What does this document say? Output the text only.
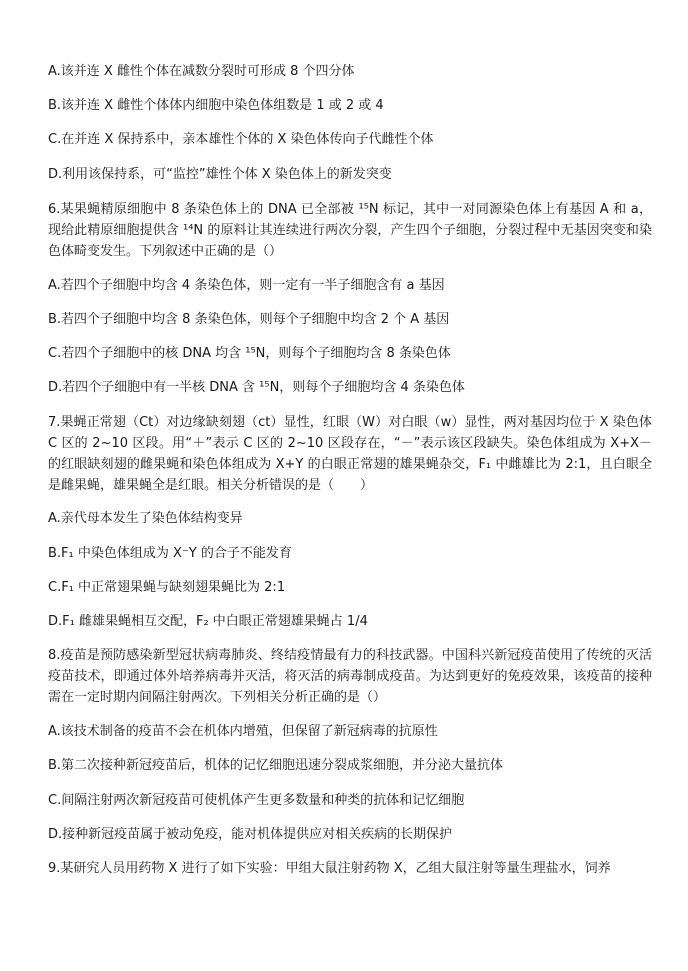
A.该并连 X 雌性个体在减数分裂时可形成 8 个四分体
B.该并连 X 雌性个体体内细胞中染色体组数是 1 或 2 或 4
C.在并连 X 保持系中，亲本雄性个体的 X 染色体传向子代雌性个体
D.利用该保持系，可“监控”雄性个体 X 染色体上的新发突变
6.某果蝇精原细胞中 8 条染色体上的 DNA 已全部被 ¹⁵N 标记，其中一对同源染色体上有基因 A 和 a，现给此精原细胞提供含 ¹⁴N 的原料让其连续进行两次分裂，产生四个子细胞，分裂过程中无基因突变和染色体畸变发生。下列叙述中正确的是（）
A.若四个子细胞中均含 4 条染色体，则一定有一半子细胞含有 a 基因
B.若四个子细胞中均含 8 条染色体，则每个子细胞中均含 2 个 A 基因
C.若四个子细胞中的核 DNA 均含 ¹⁵N，则每个子细胞均含 8 条染色体
D.若四个子细胞中有一半核 DNA 含 ¹⁵N，则每个子细胞均含 4 条染色体
7.果蝇正常翅（Ct）对边缘缺刻翅（ct）显性，红眼（W）对白眼（w）显性，两对基因均位于 X 染色体 C 区的 2~10 区段。用“＋”表示 C 区的 2~10 区段存在，“－”表示该区段缺失。染色体组成为 X+X－的红眼缺刻翅的雌果蝇和染色体组成为 X+Y 的白眼正常翅的雄果蝇杂交，F₁ 中雌雄比为 2:1，且白眼全是雌果蝇，雄果蝇全是红眼。相关分析错误的是（　　）
A.亲代母本发生了染色体结构变异
B.F₁ 中染色体组成为 X⁻Y 的合子不能发育
C.F₁ 中正常翅果蝇与缺刻翅果蝇比为 2:1
D.F₁ 雌雄果蝇相互交配，F₂ 中白眼正常翅雄果蝇占 1/4
8.疫苗是预防感染新型冠状病毒肺炎、终结疫情最有力的科技武器。中国科兴新冠疫苗使用了传统的灭活疫苗技术，即通过体外培养病毒并灭活，将灭活的病毒制成疫苗。为达到更好的免疫效果，该疫苗的接种需在一定时期内间隔注射两次。下列相关分析正确的是（）
A.该技术制备的疫苗不会在机体内增殖，但保留了新冠病毒的抗原性
B.第二次接种新冠疫苗后，机体的记忆细胞迅速分裂成浆细胞，并分泌大量抗体
C.间隔注射两次新冠疫苗可使机体产生更多数量和种类的抗体和记忆细胞
D.接种新冠疫苗属于被动免疫，能对机体提供应对相关疾病的长期保护
9.某研究人员用药物 X 进行了如下实验：甲组大鼠注射药物 X，乙组大鼠注射等量生理盐水，饲养
